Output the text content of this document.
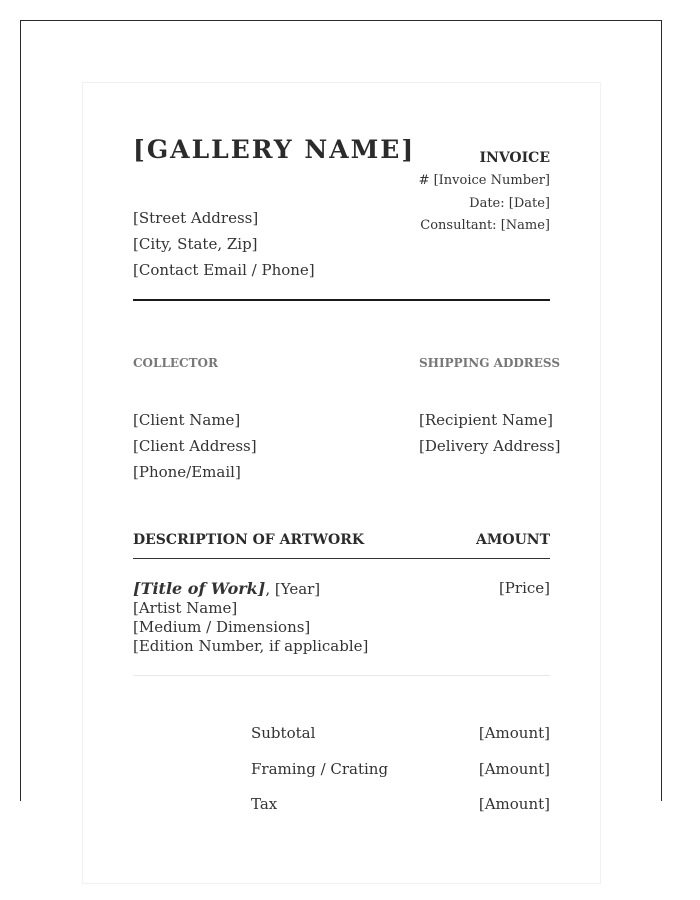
[GALLERY NAME]
[Street Address]
[City, State, Zip]
[Contact Email / Phone]
INVOICE
# [Invoice Number]
Date: [Date]
Consultant: [Name]
COLLECTOR
[Client Name]
[Client Address]
[Phone/Email]
SHIPPING ADDRESS
[Recipient Name]
[Delivery Address]
DESCRIPTION OF ARTWORK	AMOUNT
[Title of Work], [Year]
[Artist Name]
[Medium / Dimensions]
[Edition Number, if applicable]
[Price]
Subtotal	[Amount]
Framing / Crating	[Amount]
Tax	[Amount]
